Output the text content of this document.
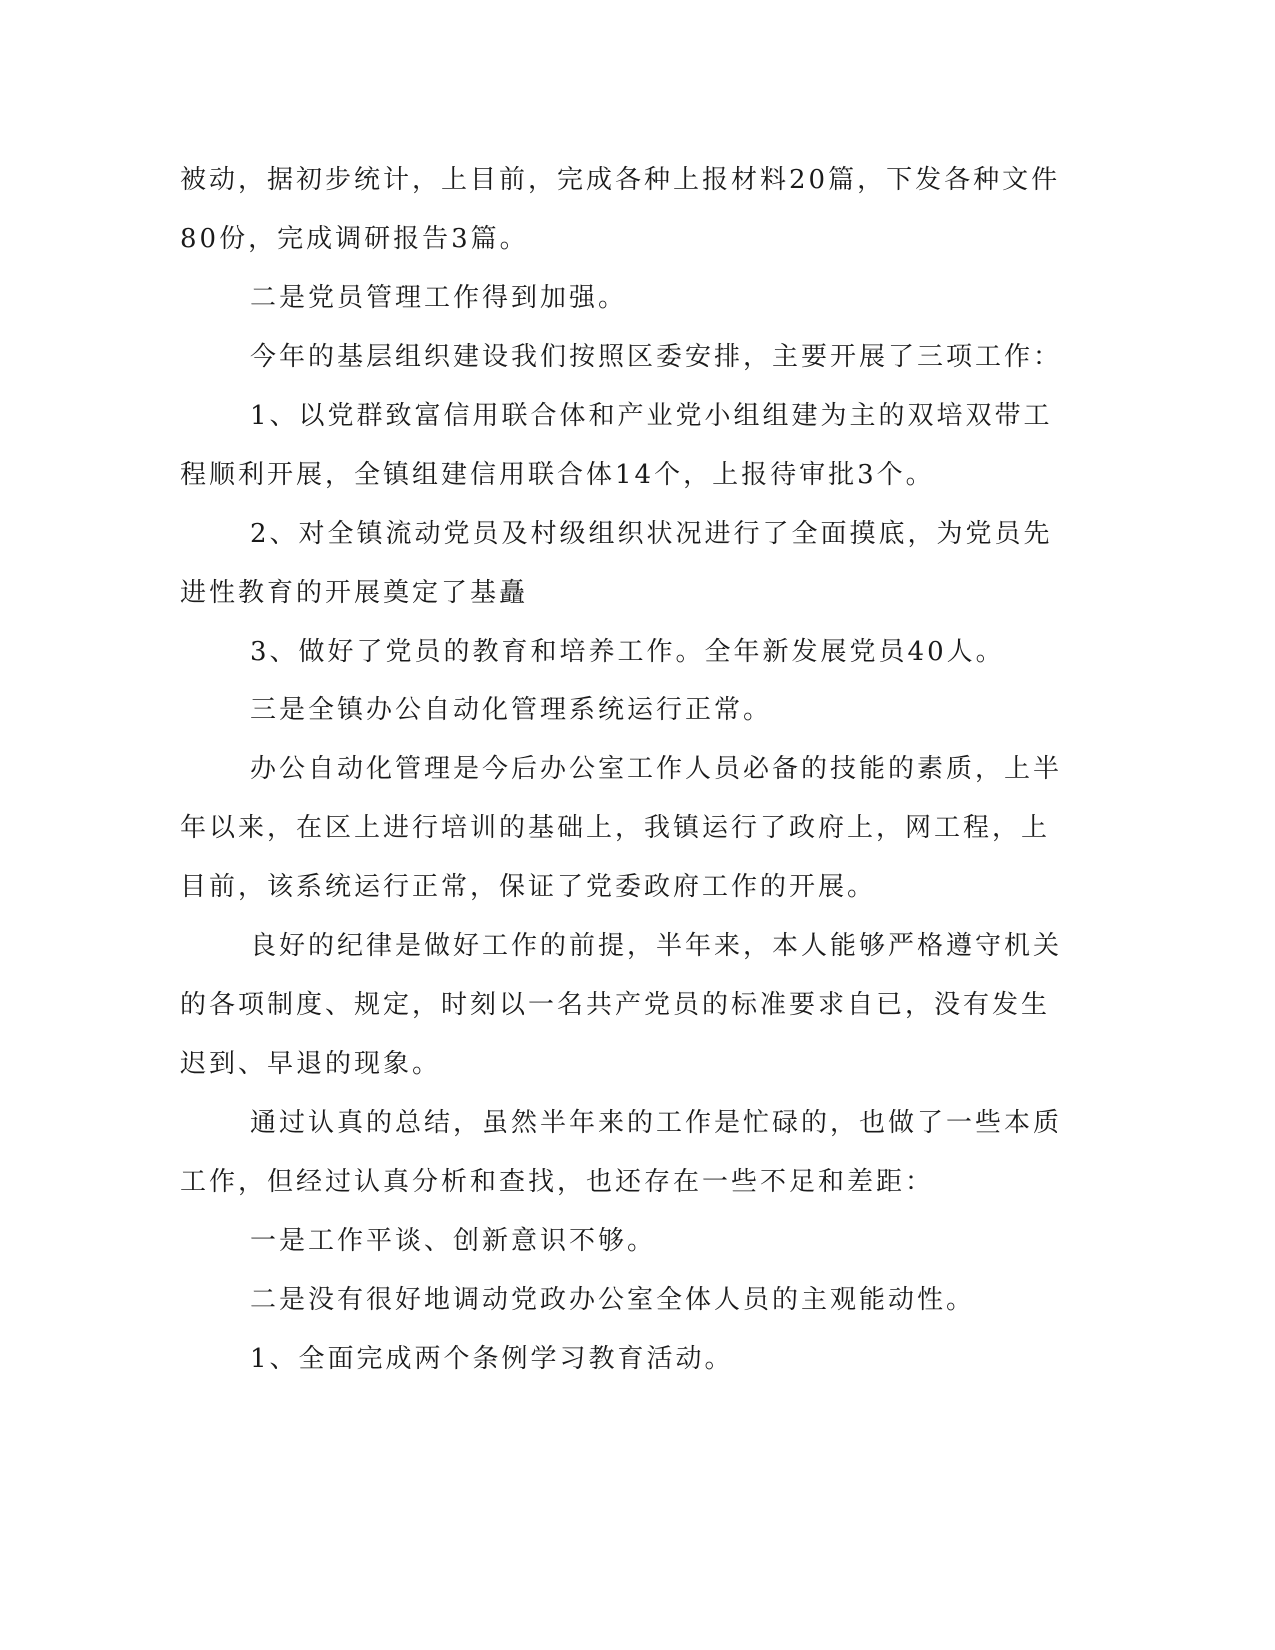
被动，据初步统计，上目前，完成各种上报材料20篇，下发各种文件
80份，完成调研报告3篇。
二是党员管理工作得到加强。
今年的基层组织建设我们按照区委安排，主要开展了三项工作：
1、以党群致富信用联合体和产业党小组组建为主的双培双带工
程顺利开展，全镇组建信用联合体14个，上报待审批3个。
2、对全镇流动党员及村级组织状况进行了全面摸底，为党员先
进性教育的开展奠定了基矗
3、做好了党员的教育和培养工作。全年新发展党员40人。
三是全镇办公自动化管理系统运行正常。
办公自动化管理是今后办公室工作人员必备的技能的素质，上半
年以来，在区上进行培训的基础上，我镇运行了政府上，网工程，上
目前，该系统运行正常，保证了党委政府工作的开展。
良好的纪律是做好工作的前提，半年来，本人能够严格遵守机关
的各项制度、规定，时刻以一名共产党员的标准要求自已，没有发生
迟到、早退的现象。
通过认真的总结，虽然半年来的工作是忙碌的，也做了一些本质
工作，但经过认真分析和查找，也还存在一些不足和差距：
一是工作平谈、创新意识不够。
二是没有很好地调动党政办公室全体人员的主观能动性。
1、全面完成两个条例学习教育活动。
